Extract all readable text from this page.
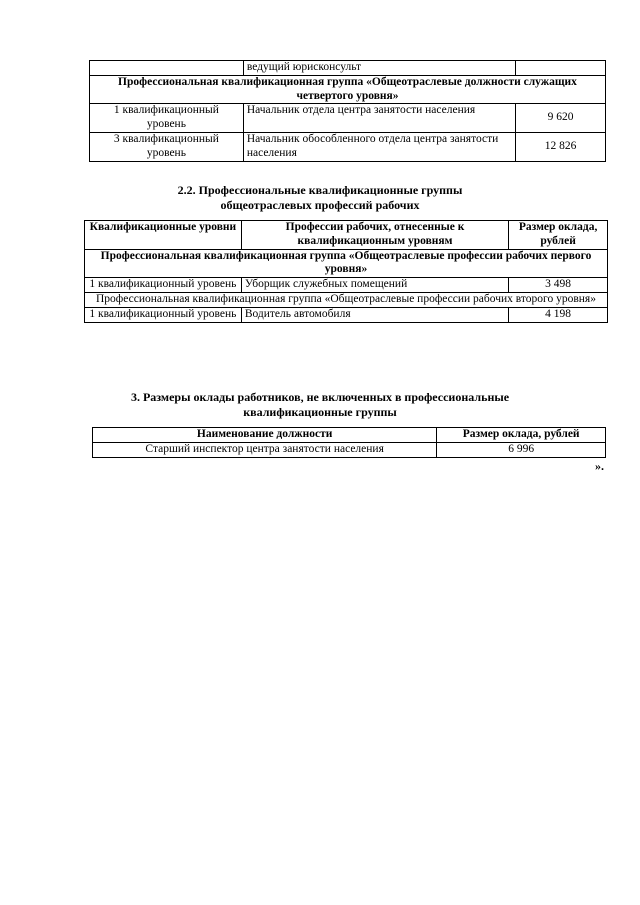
	ведущий юрисконсульт	
Профессиональная квалификационная группа «Общеотраслевые должности служащих четвертого уровня»		
1 квалификационный уровень	Начальник отдела центра занятости населения	9 620
3 квалификационный уровень	Начальник обособленного отдела центра занятости населения	12 826
2.2. Профессиональные квалификационные группы общеотраслевых профессий рабочих
Квалификационные уровни	Профессии рабочих, отнесенные к квалификационным уровням	Размер оклада, рублей
Профессиональная квалификационная группа «Общеотраслевые профессии рабочих первого уровня»		
1 квалификационный уровень	Уборщик служебных помещений	3 498
Профессиональная квалификационная группа «Общеотраслевые профессии рабочих второго уровня»		
1 квалификационный уровень	Водитель автомобиля	4 198
3. Размеры оклады работников, не включенных в профессиональные квалификационные группы
Наименование должности	Размер оклада, рублей
Старший инспектор центра занятости населения	6 996
».
